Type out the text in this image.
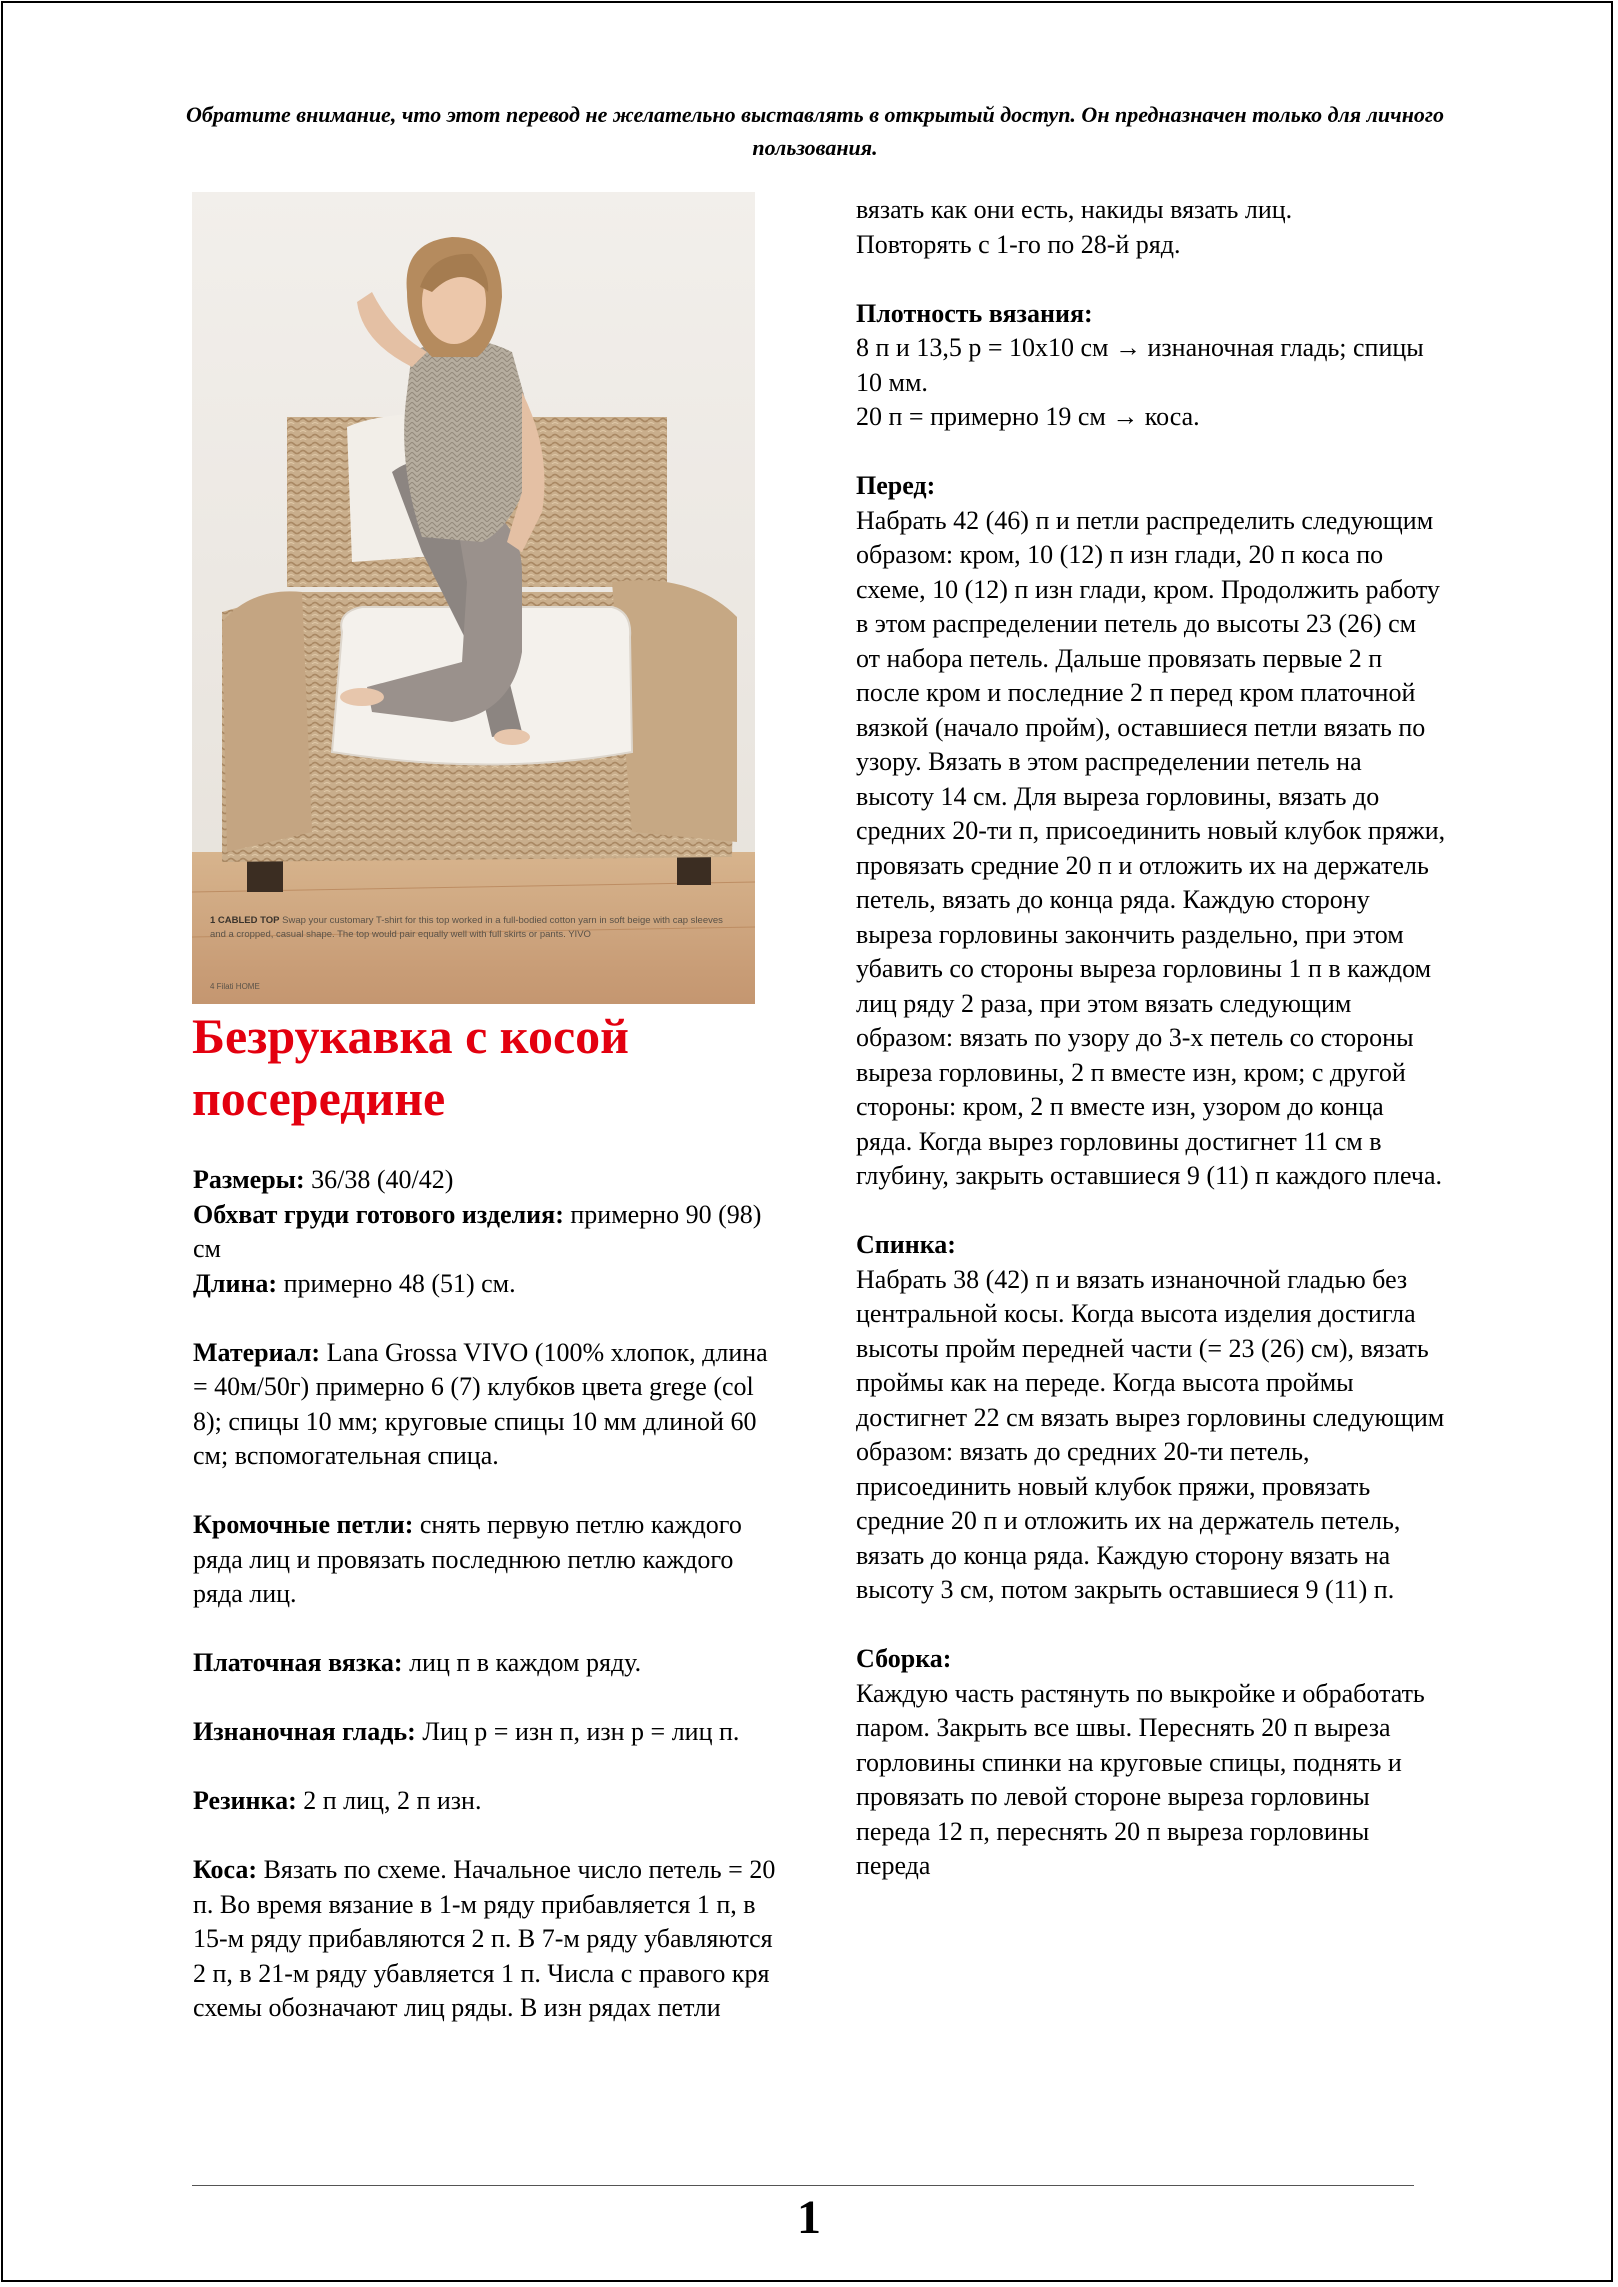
Обратите внимание, что этот перевод не желательно выставлять в открытый доступ. Он предназначен только для личного пользования.
1 CABLED TOP Swap your customary T-shirt for this top worked in a full-bodied cotton yarn in soft beige with cap sleeves and a cropped, casual shape. The top would pair equally well with full skirts or pants. YIVO
4 Filati HOME
Безрукавка с косой посередине

Размеры: 36/38 (40/42)

Обхват груди готового изделия: примерно 90 (98) см

Длина: примерно 48 (51) см.

Материал: Lana Grossa VIVO (100% хлопок, длина = 40м/50г) примерно 6 (7) клубков цвета grege (col 8); спицы 10 мм; круговые спицы 10 мм длиной 60 см; вспомогательная спица.

Кромочные петли: снять первую петлю каждого ряда лиц и провязать последнюю петлю каждого ряда лиц.

Платочная вязка: лиц п в каждом ряду.

Изнаночная гладь: Лиц р = изн п, изн р = лиц п.

Резинка: 2 п лиц, 2 п изн.

Коса: Вязать по схеме. Начальное число петель = 20 п. Во время вязание в 1-м ряду прибавляется 1 п, в 15-м ряду прибавляются 2 п. В 7-м ряду убавляются 2 п, в 21-м ряду убавляется 1 п. Числа с правого кря схемы обозначают лиц ряды. В изн рядах петли

вязать как они есть, накиды вязать лиц.

Повторять с 1-го по 28-й ряд.

Плотность вязания:

8 п и 13,5 р = 10х10 см → изнаночная гладь; спицы 10 мм.

20 п = примерно 19 см → коса.

Перед:

Набрать 42 (46) п и петли распределить следующим образом: кром, 10 (12) п изн глади, 20 п коса по схеме, 10 (12) п изн глади, кром. Продолжить работу в этом распределении петель до высоты 23 (26) см от набора петель. Дальше провязать первые 2 п после кром и последние 2 п перед кром платочной вязкой (начало пройм), оставшиеся петли вязать по узору. Вязать в этом распределении петель на высоту 14 см. Для выреза горловины, вязать до средних 20-ти п, присоединить новый клубок пряжи, провязать средние 20 п и отложить их на держатель петель, вязать до конца ряда. Каждую сторону выреза горловины закончить раздельно, при этом убавить со стороны выреза горловины 1 п в каждом лиц ряду 2 раза, при этом вязать следующим образом: вязать по узору до 3-х петель со стороны выреза горловины, 2 п вместе изн, кром; с другой стороны: кром, 2 п вместе изн, узором до конца ряда. Когда вырез горловины достигнет 11 см в глубину, закрыть оставшиеся 9 (11) п каждого плеча.

Спинка:

Набрать 38 (42) п и вязать изнаночной гладью без центральной косы. Когда высота изделия достигла высоты пройм передней части (= 23 (26) см), вязать проймы как на переде. Когда высота проймы достигнет 22 см вязать вырез горловины следующим образом: вязать до средних 20-ти петель, присоединить новый клубок пряжи, провязать средние 20 п и отложить их на держатель петель, вязать до конца ряда. Каждую сторону вязать на высоту 3 см, потом закрыть оставшиеся 9 (11) п.

Сборка:

Каждую часть растянуть по выкройке и обработать паром. Закрыть все швы. Переснять 20 п выреза горловины спинки на круговые спицы, поднять и провязать по левой стороне выреза горловины переда 12 п, переснять 20 п выреза горловины переда

1
